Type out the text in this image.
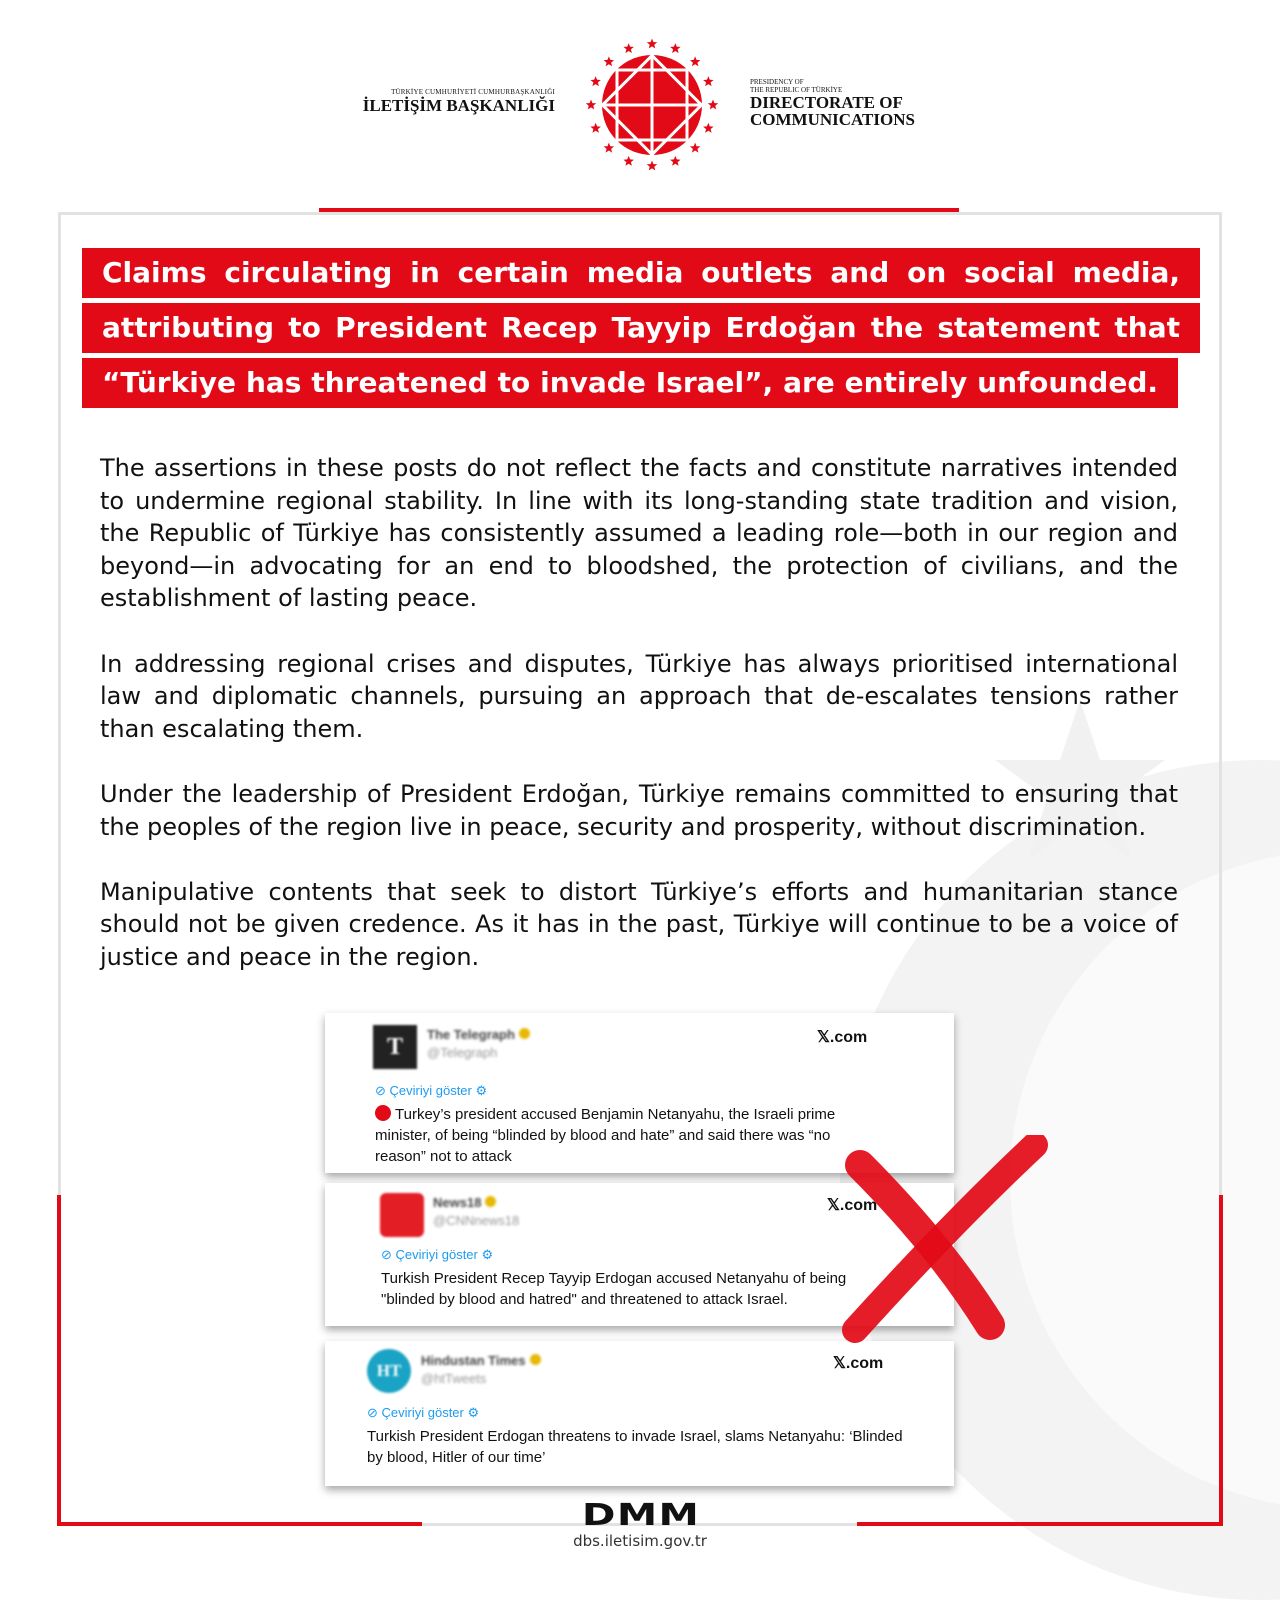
TÜRKİYE CUMHURİYETİ CUMHURBAŞKANLIĞI
İLETİŞİM BAŞKANLIĞI
PRESIDENCY OF
THE REPUBLIC OF TÜRKİYE
DIRECTORATE OF
COMMUNICATIONS
Claims circulating in certain media outlets and on social media,
attributing to President Recep Tayyip Erdoğan the statement that
“Türkiye has threatened to invade Israel”, are entirely unfounded.

The assertions in these posts do not reflect the facts and constitute narratives intended to undermine regional stability. In line with its long-standing state tradition and vision, the Republic of Türkiye has consistently assumed a leading role—both in our region and beyond—in advocating for an end to bloodshed, the protection of civilians, and the establishment of lasting peace.

In addressing regional crises and disputes, Türkiye has always prioritised international law and diplomatic channels, pursuing an approach that de-escalates tensions rather than escalating them.

Under the leadership of President Erdoğan, Türkiye remains committed to ensuring that the peoples of the region live in peace, security and prosperity, without discrimination.

Manipulative contents that seek to distort Türkiye’s efforts and humanitarian stance should not be given credence. As it has in the past, Türkiye will continue to be a voice of justice and peace in the region.

T	The Telegraph
@Telegraph
𝕏.com
⊘ Çeviriyi göster ⚙
Turkey’s president accused Benjamin Netanyahu, the Israeli prime minister, of being “blinded by blood and hate” and said there was “no reason” not to attack
News18
@CNNnews18
𝕏.com
⊘ Çeviriyi göster ⚙
Turkish President Recep Tayyip Erdogan accused Netanyahu of being "blinded by blood and hatred" and threatened to attack Israel.
HT
Hindustan Times
@htTweets
𝕏.com
⊘ Çeviriyi göster ⚙
Turkish President Erdogan threatens to invade Israel, slams Netanyahu: ‘Blinded by blood, Hitler of our time’
DMM
dbs.iletisim.gov.tr
